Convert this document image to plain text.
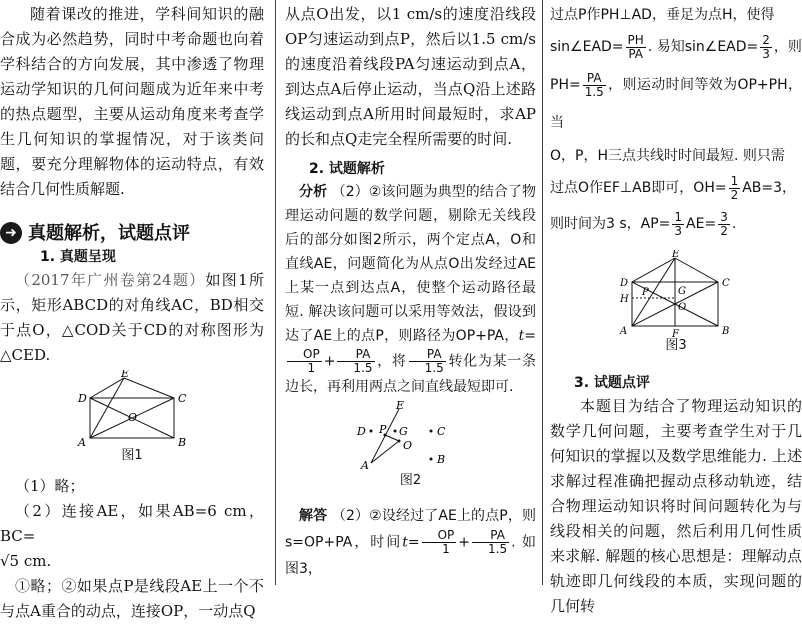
随着课改的推进，学科间知识的融合成为必然趋势，同时中考命题也向着学科结合的方向发展，其中渗透了物理运动学知识的几何问题成为近年来中考的热点题型，主要从运动角度来考查学生几何知识的掌握情况，对于该类问题，要充分理解物体的运动特点，有效结合几何性质解题.

➜ 真题解析，试题点评
1. 真题呈现

（2017年广州卷第24题）如图1所示，矩形ABCD的对角线AC，BD相交于点O，△COD关于CD的对称图形为△CED.

E
D	C
O
A	B
图1

（1）略；

（2）连接AE，如果AB=6 cm，BC=

√5 cm.

①略；②如果点P是线段AE上一个不与点A重合的动点，连接OP，一动点Q

从点O出发，以1 cm/s的速度沿线段OP匀速运动到点P，然后以1.5 cm/s的速度沿着线段PA匀速运动到点A，到达点A后停止运动，当点Q沿上述路线运动到点A所用时间最短时，求AP的长和点Q走完全程所需要的时间.

2. 试题解析

分析 （2）②该问题为典型的结合了物理运动问题的数学问题，剔除无关线段后的部分如图2所示，两个定点A，O和直线AE，问题简化为从点O出发经过AE上某一点到达点A，使整个运动路径最短. 解决该问题可以采用等效法，假设到达了AE上的点P，则路径为OP+PA，t=
$\frac{OP}{1} + \frac{PA}{1.5}$ ，将 $\frac{PA}{1.5}$ 转化为某一条边长，再利用两点之间直线最短即可.

E
D P G	C
O
A	B
图2

解答 （2）②设经过了AE上的点P，则s=OP+PA，时间$t= \frac{OP}{1} + \frac{PA}{1.5}$ . 如图3，

过点P作PH⊥AD，垂足为点H，使得

sin∠EAD= $\frac{PH}{PA}$ . 易知sin∠EAD= $\frac{2}{3}$ ，则

$PH= \frac{PA}{1.5}$ ，则运动时间等效为OP+PH，当

O，P，H三点共线时时间最短. 则只需

过点O作EF⊥AB即可，$OH= \frac{1}{2} AB=3$，

则时间为3 s，$AP= \frac{1}{3} AE= \frac{3}{2}$ .

E
D	C
H
P	G
O
A	B
F
图3
3. 试题点评

本题目为结合了物理运动知识的数学几何问题，主要考查学生对于几何知识的掌握以及数学思维能力. 上述求解过程准确把握动点移动轨迹，结合物理运动知识将时间问题转化为与线段相关的问题，然后利用几何性质来求解. 解题的核心思想是：理解动点轨迹即几何线段的本质，实现问题的几何转
